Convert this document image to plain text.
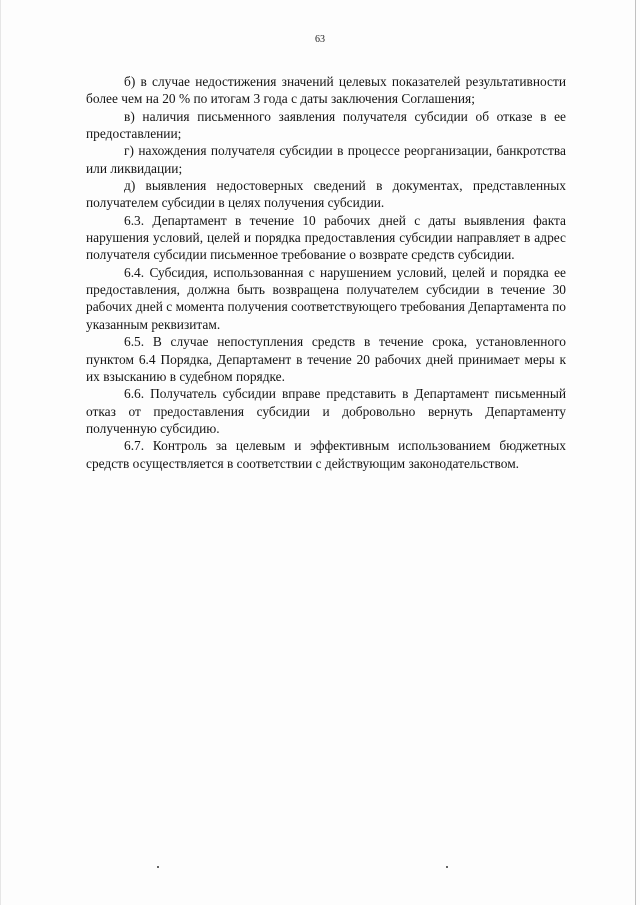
63

б) в случае недостижения значений целевых показателей результативности более чем на 20 % по итогам 3 года с даты заключения Соглашения;

в) наличия письменного заявления получателя субсидии об отказе в ее предоставлении;

г) нахождения получателя субсидии в процессе реорганизации, банкротства или ликвидации;

д) выявления недостоверных сведений в документах, представленных получателем субсидии в целях получения субсидии.

6.3. Департамент в течение 10 рабочих дней с даты выявления факта нарушения условий, целей и порядка предоставления субсидии направляет в адрес получателя субсидии письменное требование о возврате средств субсидии.

6.4. Субсидия, использованная с нарушением условий, целей и порядка ее предоставления, должна быть возвращена получателем субсидии в течение 30 рабочих дней с момента получения соответствующего требования Департамента по указанным реквизитам.

6.5. В случае непоступления средств в течение срока, установленного пунктом 6.4 Порядка, Департамент в течение 20 рабочих дней принимает меры к их взысканию в судебном порядке.

6.6. Получатель субсидии вправе представить в Департамент письменный отказ от предоставления субсидии и добровольно вернуть Департаменту полученную субсидию.

6.7. Контроль за целевым и эффективным использованием бюджетных средств осуществляется в соответствии с действующим законодательством.
